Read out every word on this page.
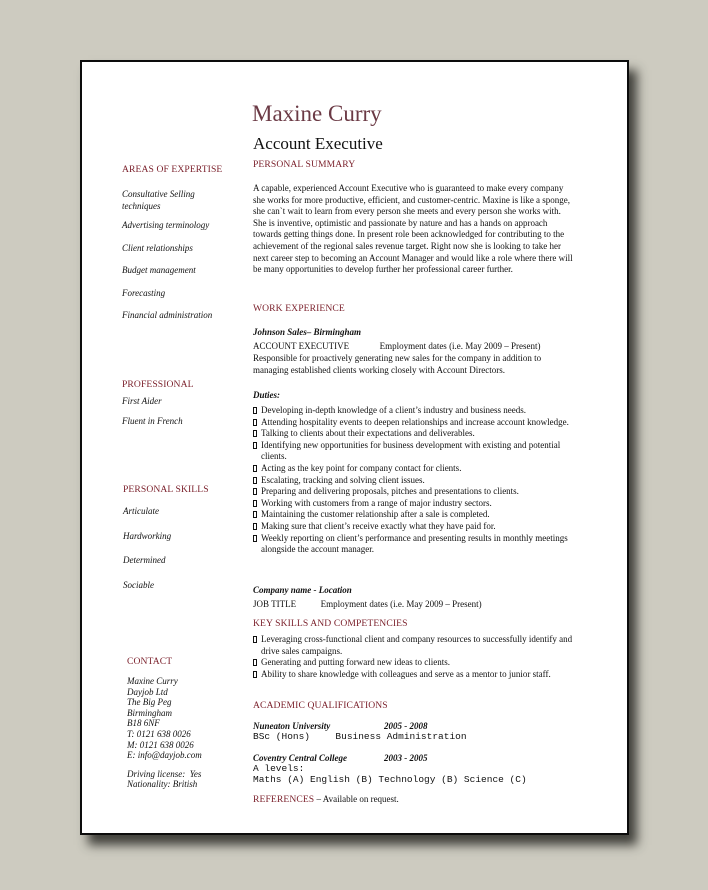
Maxine Curry
Account Executive
AREAS OF EXPERTISE
Consultative Selling techniques
Advertising terminology
Client relationships
Budget management
Forecasting
Financial administration
PROFESSIONAL
First Aider
Fluent in French
PERSONAL SKILLS
Articulate
Hardworking
Determined
Sociable
CONTACT
Maxine Curry
Dayjob Ltd
The Big Peg
Birmingham
B18 6NF
T: 0121 638 0026
M: 0121 638 0026
E: info@dayjob.com
Driving license:  Yes
Nationality: British
PERSONAL SUMMARY
A capable, experienced Account Executive who is guaranteed to make every company she works for more productive, efficient, and customer-centric. Maxine is like a sponge, she can`t wait to learn from every person she meets and every person she works with. She is inventive, optimistic and passionate by nature and has a hands on approach towards getting things done. In present role been acknowledged for contributing to the achievement of the regional sales revenue target. Right now she is looking to take her next career step to becoming an Account Manager and would like a role where there will be many opportunities to develop further her professional career further.
WORK EXPERIENCE
Johnson Sales– Birmingham
ACCOUNT EXECUTIVE	Employment dates (i.e. May 2009 – Present)
Responsible for proactively generating new sales for the company in addition to managing established clients working closely with Account Directors.
Duties:
Developing in-depth knowledge of a client’s industry and business needs.
Attending hospitality events to deepen relationships and increase account knowledge.
Talking to clients about their expectations and deliverables.
Identifying new opportunities for business development with existing and potential clients.
Acting as the key point for company contact for clients.
Escalating, tracking and solving client issues.
Preparing and delivering proposals, pitches and presentations to clients.
Working with customers from a range of major industry sectors.
Maintaining the customer relationship after a sale is completed.
Making sure that client’s receive exactly what they have paid for.
Weekly reporting on client’s performance and presenting results in monthly meetings alongside the account manager.
Company name - Location
JOB TITLE	Employment dates (i.e. May 2009 – Present)
KEY SKILLS AND COMPETENCIES
Leveraging cross-functional client and company resources to successfully identify and drive sales campaigns.
Generating and putting forward new ideas to clients.
Ability to share knowledge with colleagues and serve as a mentor to junior staff.
ACADEMIC QUALIFICATIONS
Nuneaton University	2005 - 2008
BSc (Hons)	Business Administration
Coventry Central College	2003 - 2005
A levels:
Maths (A) English (B) Technology (B) Science (C)
REFERENCES – Available on request.
